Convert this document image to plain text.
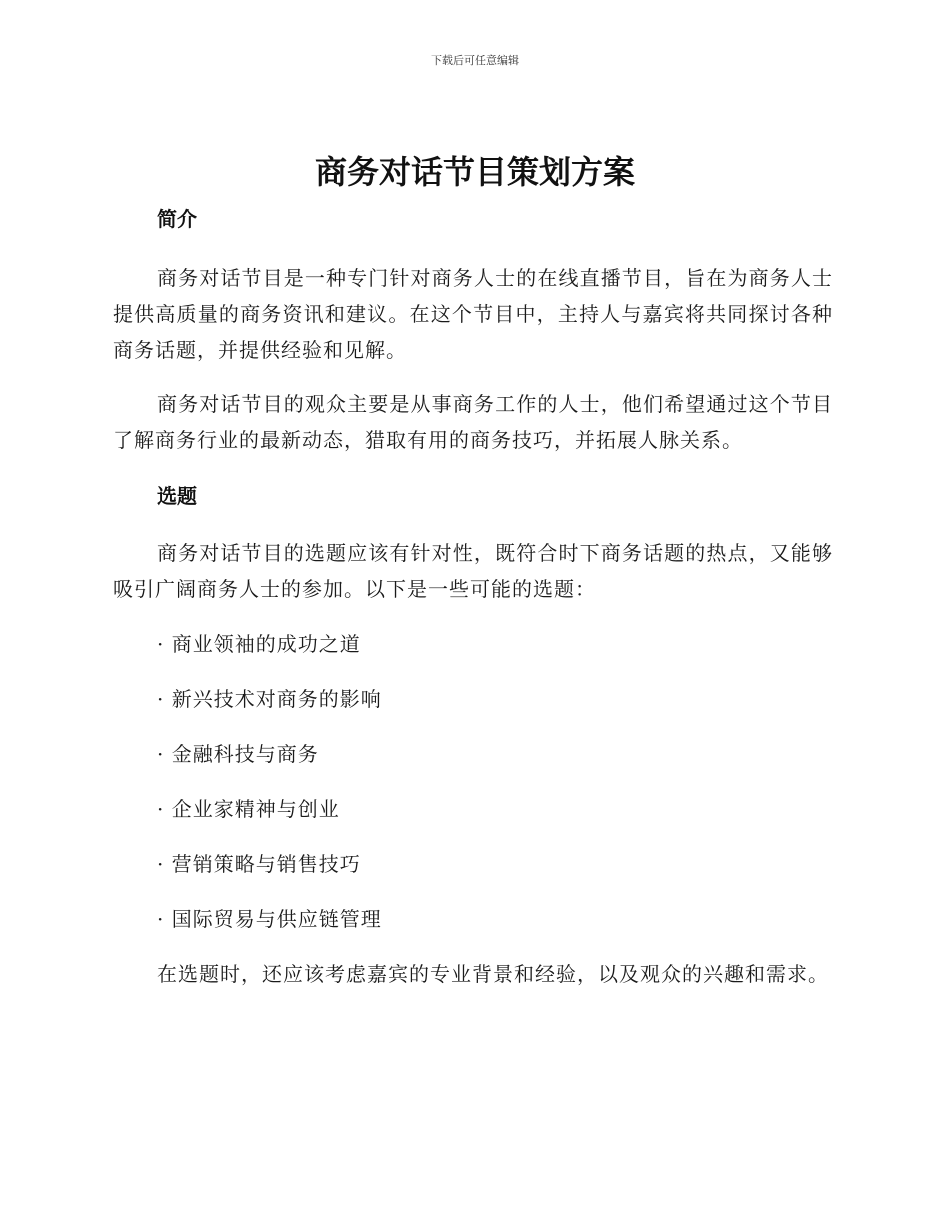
下载后可任意编辑
商务对话节目策划方案
简介

商务对话节目是一种专门针对商务人士的在线直播节目，旨在为商务人士提供高质量的商务资讯和建议。在这个节目中，主持人与嘉宾将共同探讨各种商务话题，并提供经验和见解。

商务对话节目的观众主要是从事商务工作的人士，他们希望通过这个节目了解商务行业的最新动态，猎取有用的商务技巧，并拓展人脉关系。

选题

商务对话节目的选题应该有针对性，既符合时下商务话题的热点，又能够吸引广阔商务人士的参加。以下是一些可能的选题：

· 商业领袖的成功之道

· 新兴技术对商务的影响

· 金融科技与商务

· 企业家精神与创业

· 营销策略与销售技巧

· 国际贸易与供应链管理

在选题时，还应该考虑嘉宾的专业背景和经验，以及观众的兴趣和需求。
